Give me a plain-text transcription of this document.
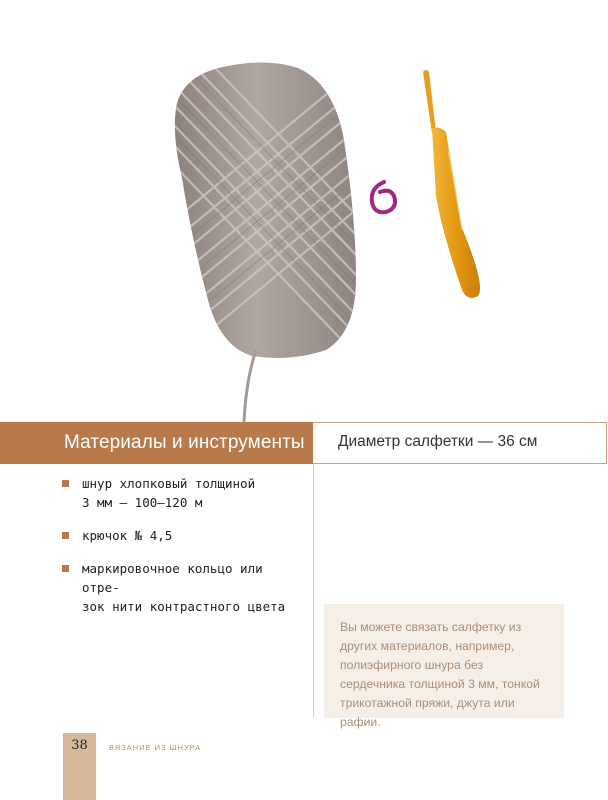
Материалы и инструменты Диаметр салфетки — 36 см
шнур хлопковый толщиной
3 мм — 100–120 м
крючок № 4,5
маркировочное кольцо или отре-
зок нити контрастного цвета
Вы можете связать салфетку из других материалов, например, полиэфирного шнура без сердечника толщиной 3 мм, тонкой трикотажной пряжи, джута или рафии.
38	ВЯЗАНИЕ ИЗ ШНУРА
